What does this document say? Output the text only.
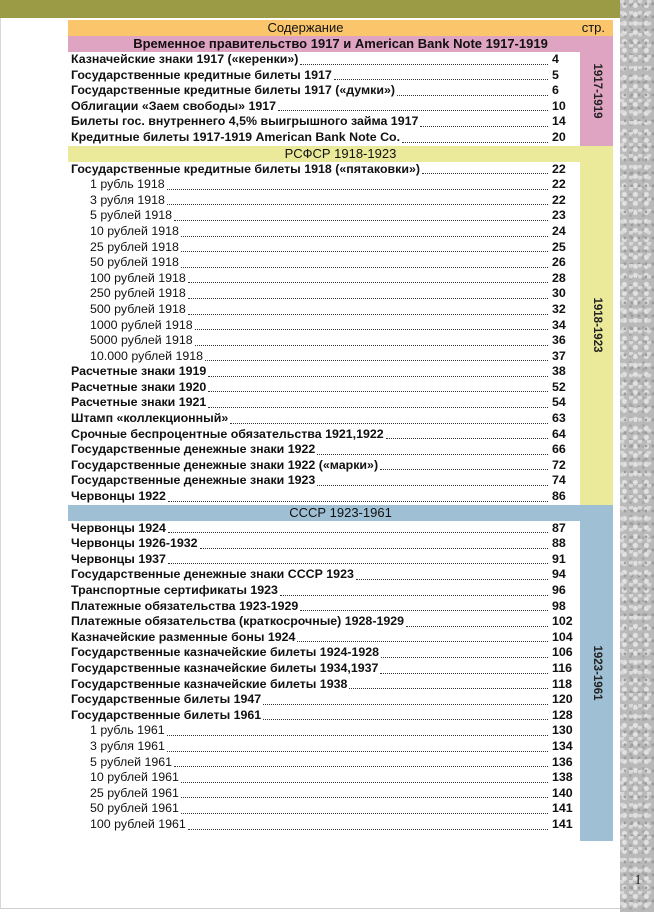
1
Содержание	стр.
Временное правительство 1917 и American Bank Note 1917-1919
Казначейские знаки 1917 («керенки»)	4
Государственные кредитные билеты 1917	5
Государственные кредитные билеты 1917 («думки»)	6
Облигации «Заем свободы» 1917	10
Билеты гос. внутреннего 4,5% выигрышного займа 1917	14
Кредитные билеты 1917-1919 American Bank Note Co.	20
1917-1919
РСФСР 1918-1923
Государственные кредитные билеты 1918 («пятаковки»)	22
1 рубль 1918	22
3 рубля 1918	22
5 рублей 1918	23
10 рублей 1918	24
25 рублей 1918	25
50 рублей 1918	26
100 рублей 1918	28
250 рублей 1918	30
500 рублей 1918	32
1000 рублей 1918	34
5000 рублей 1918	36
10.000 рублей 1918	37
Расчетные знаки 1919	38
Расчетные знаки 1920	52
Расчетные знаки 1921	54
Штамп «коллекционный»	63
Срочные беспроцентные обязательства 1921,1922	64
Государственные денежные знаки 1922	66
Государственные денежные знаки 1922 («марки»)	72
Государственные денежные знаки 1923	74
Червонцы 1922	86
1918-1923
СССР 1923-1961
Червонцы 1924	87
Червонцы 1926-1932	88
Червонцы 1937	91
Государственные денежные знаки СССР 1923	94
Транспортные сертификаты 1923	96
Платежные обязательства 1923-1929	98
Платежные обязательства (краткосрочные) 1928-1929	102
Казначейские разменные боны 1924	104
Государственные казначейские билеты 1924-1928	106
Государственные казначейские билеты 1934,1937	116
Государственные казначейские билеты 1938	118
Государственные билеты 1947	120
Государственные билеты 1961	128
1 рубль 1961	130
3 рубля 1961	134
5 рублей 1961	136
10 рублей 1961	138
25 рублей 1961	140
50 рублей 1961	141
100 рублей 1961	141
1923-1961
